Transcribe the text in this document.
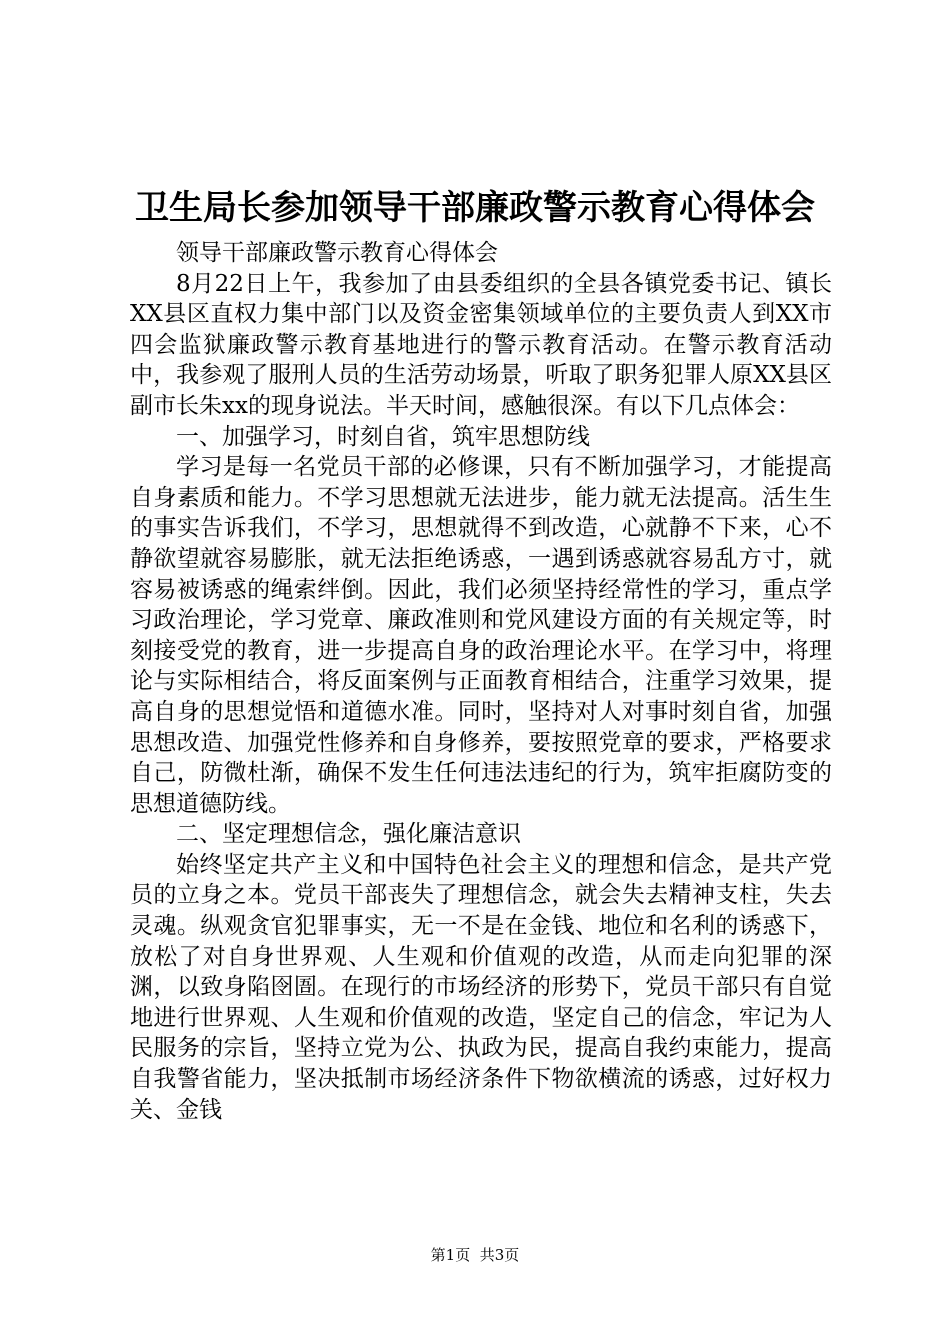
卫生局长参加领导干部廉政警示教育心得体会

领导干部廉政警示教育心得体会

8月22日上午，我参加了由县委组织的全县各镇党委书记、镇长XX县区直权力集中部门以及资金密集领域单位的主要负责人到XX市四会监狱廉政警示教育基地进行的警示教育活动。在警示教育活动中，我参观了服刑人员的生活劳动场景，听取了职务犯罪人原XX县区副市长朱xx的现身说法。半天时间，感触很深。有以下几点体会：

一、加强学习，时刻自省，筑牢思想防线

学习是每一名党员干部的必修课，只有不断加强学习，才能提高自身素质和能力。不学习思想就无法进步，能力就无法提高。活生生的事实告诉我们，不学习，思想就得不到改造，心就静不下来，心不静欲望就容易膨胀，就无法拒绝诱惑，一遇到诱惑就容易乱方寸，就容易被诱惑的绳索绊倒。因此，我们必须坚持经常性的学习，重点学习政治理论，学习党章、廉政准则和党风建设方面的有关规定等，时刻接受党的教育，进一步提高自身的政治理论水平。在学习中，将理论与实际相结合，将反面案例与正面教育相结合，注重学习效果，提高自身的思想觉悟和道德水准。同时，坚持对人对事时刻自省，加强思想改造、加强党性修养和自身修养，要按照党章的要求，严格要求自己，防微杜渐，确保不发生任何违法违纪的行为，筑牢拒腐防变的思想道德防线。

二、坚定理想信念，强化廉洁意识

始终坚定共产主义和中国特色社会主义的理想和信念，是共产党员的立身之本。党员干部丧失了理想信念，就会失去精神支柱，失去灵魂。纵观贪官犯罪事实，无一不是在金钱、地位和名利的诱惑下，放松了对自身世界观、人生观和价值观的改造，从而走向犯罪的深渊，以致身陷囹圄。在现行的市场经济的形势下，党员干部只有自觉地进行世界观、人生观和价值观的改造，坚定自己的信念，牢记为人民服务的宗旨，坚持立党为公、执政为民，提高自我约束能力，提高自我警省能力，坚决抵制市场经济条件下物欲横流的诱惑，过好权力关、金钱

第1页 共3页
